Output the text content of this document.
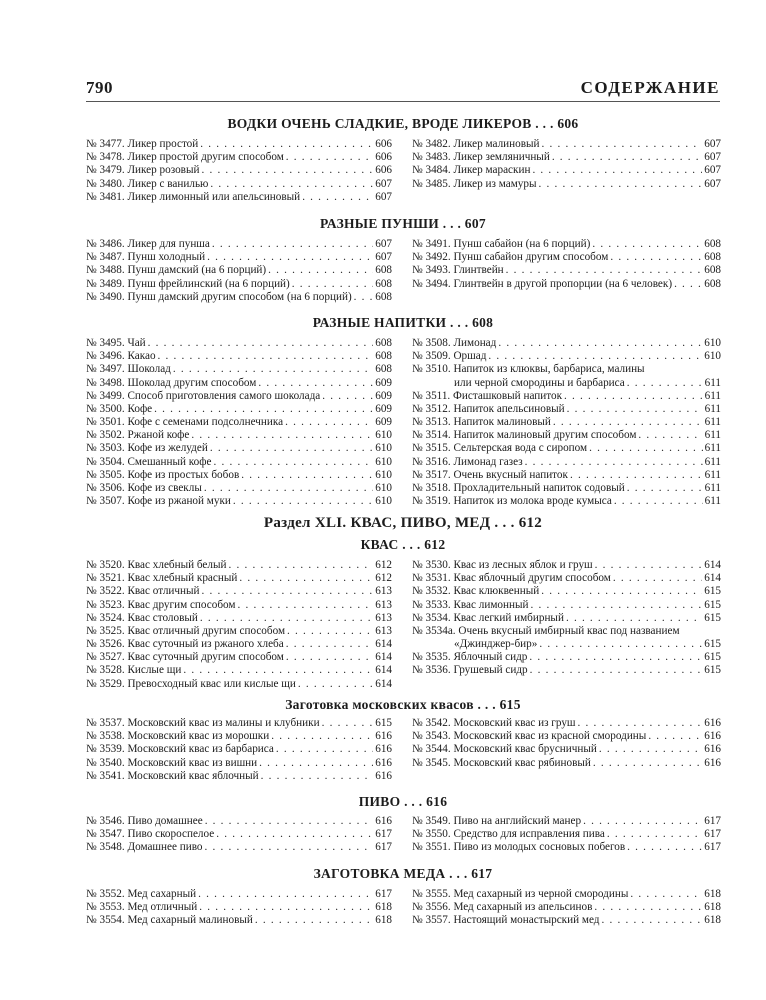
790	СОДЕРЖАНИЕ
ВОДКИ ОЧЕНЬ СЛАДКИЕ, ВРОДЕ ЛИКЕРОВ . . . 606
№ 3477. Ликер простой . . .	606
№ 3478. Ликер простой другим способом . . .	606
№ 3479. Ликер розовый . . .	606
№ 3480. Ликер с ванилью . . .	607
№ 3481. Ликер лимонный или апельсиновый . . .	607
№ 3482. Ликер малиновый . . .	607
№ 3483. Ликер земляничный . . .	607
№ 3484. Ликер мараскин . . .	607
№ 3485. Ликер из мамуры . . .	607
РАЗНЫЕ ПУНШИ . . . 607
№ 3486. Ликер для пунша . . .	607
№ 3487. Пунш холодный . . .	607
№ 3488. Пунш дамский (на 6 порций) . . .	608
№ 3489. Пунш фрейлинский (на 6 порций) . . .	608
№ 3490. Пунш дамский другим способом (на 6 порций) . . . 608
№ 3491. Пунш сабайон (на 6 порций) . . .	608
№ 3492. Пунш сабайон другим способом . . .	608
№ 3493. Глинтвейн . . .	608
№ 3494. Глинтвейн в другой пропорции (на 6 человек) . . .	608
РАЗНЫЕ НАПИТКИ . . . 608
№ 3495. Чай . . .	608
№ 3496. Какао . . .	608
№ 3497. Шоколад . . .	608
№ 3498. Шоколад другим способом . . .	609
№ 3499. Способ приготовления самого шоколада . . .	609
№ 3500. Кофе . . .	609
№ 3501. Кофе с семенами подсолнечника . . .	609
№ 3502. Ржаной кофе . . .	610
№ 3503. Кофе из желудей . . .	610
№ 3504. Смешанный кофе . . .	610
№ 3505. Кофе из простых бобов . . .	610
№ 3506. Кофе из свеклы . . .	610
№ 3507. Кофе из ржаной муки . . .	610
№ 3508. Лимонад . . .	610
№ 3509. Оршад . . .	610
№ 3510. Напиток из клюквы, барбариса, малины
или черной смородины и барбариса . . .	611
№ 3511. Фисташковый напиток . . .	611
№ 3512. Напиток апельсиновый . . .	611
№ 3513. Напиток малиновый . . .	611
№ 3514. Напиток малиновый другим способом . . .	611
№ 3515. Сельтерская вода с сиропом . . .	611
№ 3516. Лимонад газез . . .	611
№ 3517. Очень вкусный напиток . . .	611
№ 3518. Прохладительный напиток содовый . . .	611
№ 3519. Напиток из молока вроде кумыса . . .	611
Раздел XLI. КВАС, ПИВО, МЕД . . . 612
КВАС . . . 612
№ 3520. Квас хлебный белый . . .	612
№ 3521. Квас хлебный красный . . .	612
№ 3522. Квас отличный . . .	613
№ 3523. Квас другим способом . . .	613
№ 3524. Квас столовый . . .	613
№ 3525. Квас отличный другим способом . . .	613
№ 3526. Квас суточный из ржаного хлеба . . .	614
№ 3527. Квас суточный другим способом . . .	614
№ 3528. Кислые щи . . .	614
№ 3529. Превосходный квас или кислые щи . . .	614
№ 3530. Квас из лесных яблок и груш . . .	614
№ 3531. Квас яблочный другим способом . . .	614
№ 3532. Квас клюквенный . . .	615
№ 3533. Квас лимонный . . .	615
№ 3534. Квас легкий имбирный . . .	615
№ 3534а. Очень вкусный имбирный квас под названием
«Джинджер-бир» . . .	615
№ 3535. Яблочный сидр . . .	615
№ 3536. Грушевый сидр . . .	615
Заготовка московских квасов . . . 615
№ 3537. Московский квас из малины и клубники . . .	615
№ 3538. Московский квас из морошки . . .	616
№ 3539. Московский квас из барбариса . . .	616
№ 3540. Московский квас из вишни . . .	616
№ 3541. Московский квас яблочный . . .	616
№ 3542. Московский квас из груш . . .	616
№ 3543. Московский квас из красной смородины . . .	616
№ 3544. Московский квас брусничный . . .	616
№ 3545. Московский квас рябиновый . . .	616
ПИВО . . . 616
№ 3546. Пиво домашнее . . .	616
№ 3547. Пиво скороспелое . . .	617
№ 3548. Домашнее пиво . . .	617
№ 3549. Пиво на английский манер . . .	617
№ 3550. Средство для исправления пива . . .	617
№ 3551. Пиво из молодых сосновых побегов . . .	617
ЗАГОТОВКА МЕДА . . . 617
№ 3552. Мед сахарный . . .	617
№ 3553. Мед отличный . . .	618
№ 3554. Мед сахарный малиновый . . .	618
№ 3555. Мед сахарный из черной смородины . . .	618
№ 3556. Мед сахарный из апельсинов . . .	618
№ 3557. Настоящий монастырский мед . . .	618
